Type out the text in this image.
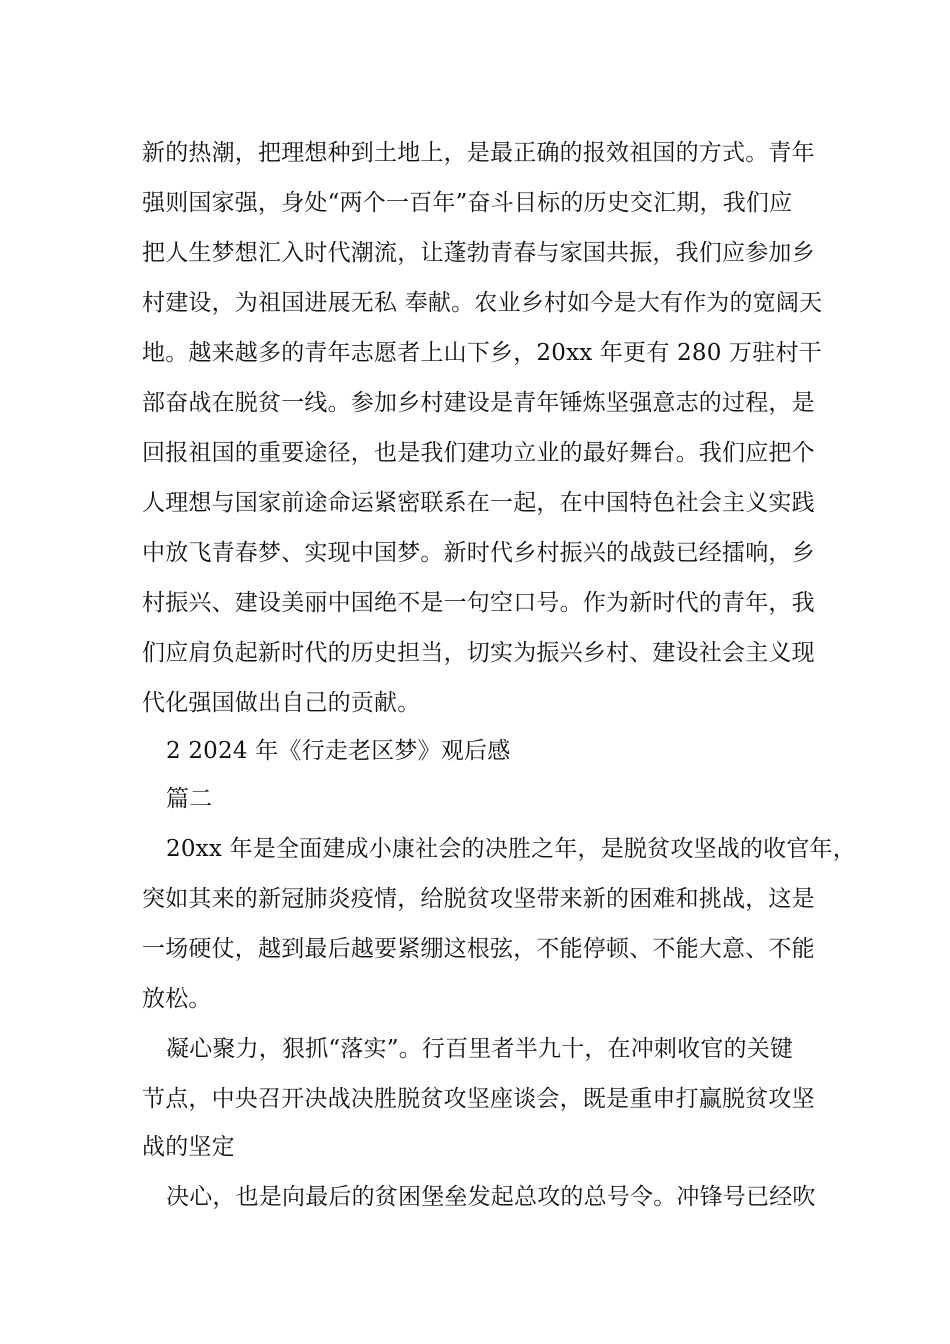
新的热潮，把理想种到土地上，是最正确的报效祖国的方式。青年
强则国家强，身处“两个一百年”奋斗目标的历史交汇期，我们应
把人生梦想汇入时代潮流，让蓬勃青春与家国共振，我们应参加乡
村建设，为祖国进展无私 奉献。农业乡村如今是大有作为的宽阔天
地。越来越多的青年志愿者上山下乡，20xx 年更有 280 万驻村干
部奋战在脱贫一线。参加乡村建设是青年锤炼坚强意志的过程，是
回报祖国的重要途径，也是我们建功立业的最好舞台。我们应把个
人理想与国家前途命运紧密联系在一起，在中国特色社会主义实践
中放飞青春梦、实现中国梦。新时代乡村振兴的战鼓已经擂响，乡
村振兴、建设美丽中国绝不是一句空口号。作为新时代的青年，我
们应肩负起新时代的历史担当，切实为振兴乡村、建设社会主义现
代化强国做出自己的贡献。
2 2024 年《行走老区梦》观后感
篇二
20xx 年是全面建成小康社会的决胜之年，是脱贫攻坚战的收官年，
突如其来的新冠肺炎疫情，给脱贫攻坚带来新的困难和挑战，这是
一场硬仗，越到最后越要紧绷这根弦，不能停顿、不能大意、不能
放松。
凝心聚力，狠抓“落实”。行百里者半九十，在冲刺收官的关键
节点，中央召开决战决胜脱贫攻坚座谈会，既是重申打赢脱贫攻坚
战的坚定
决心，也是向最后的贫困堡垒发起总攻的总号令。冲锋号已经吹
